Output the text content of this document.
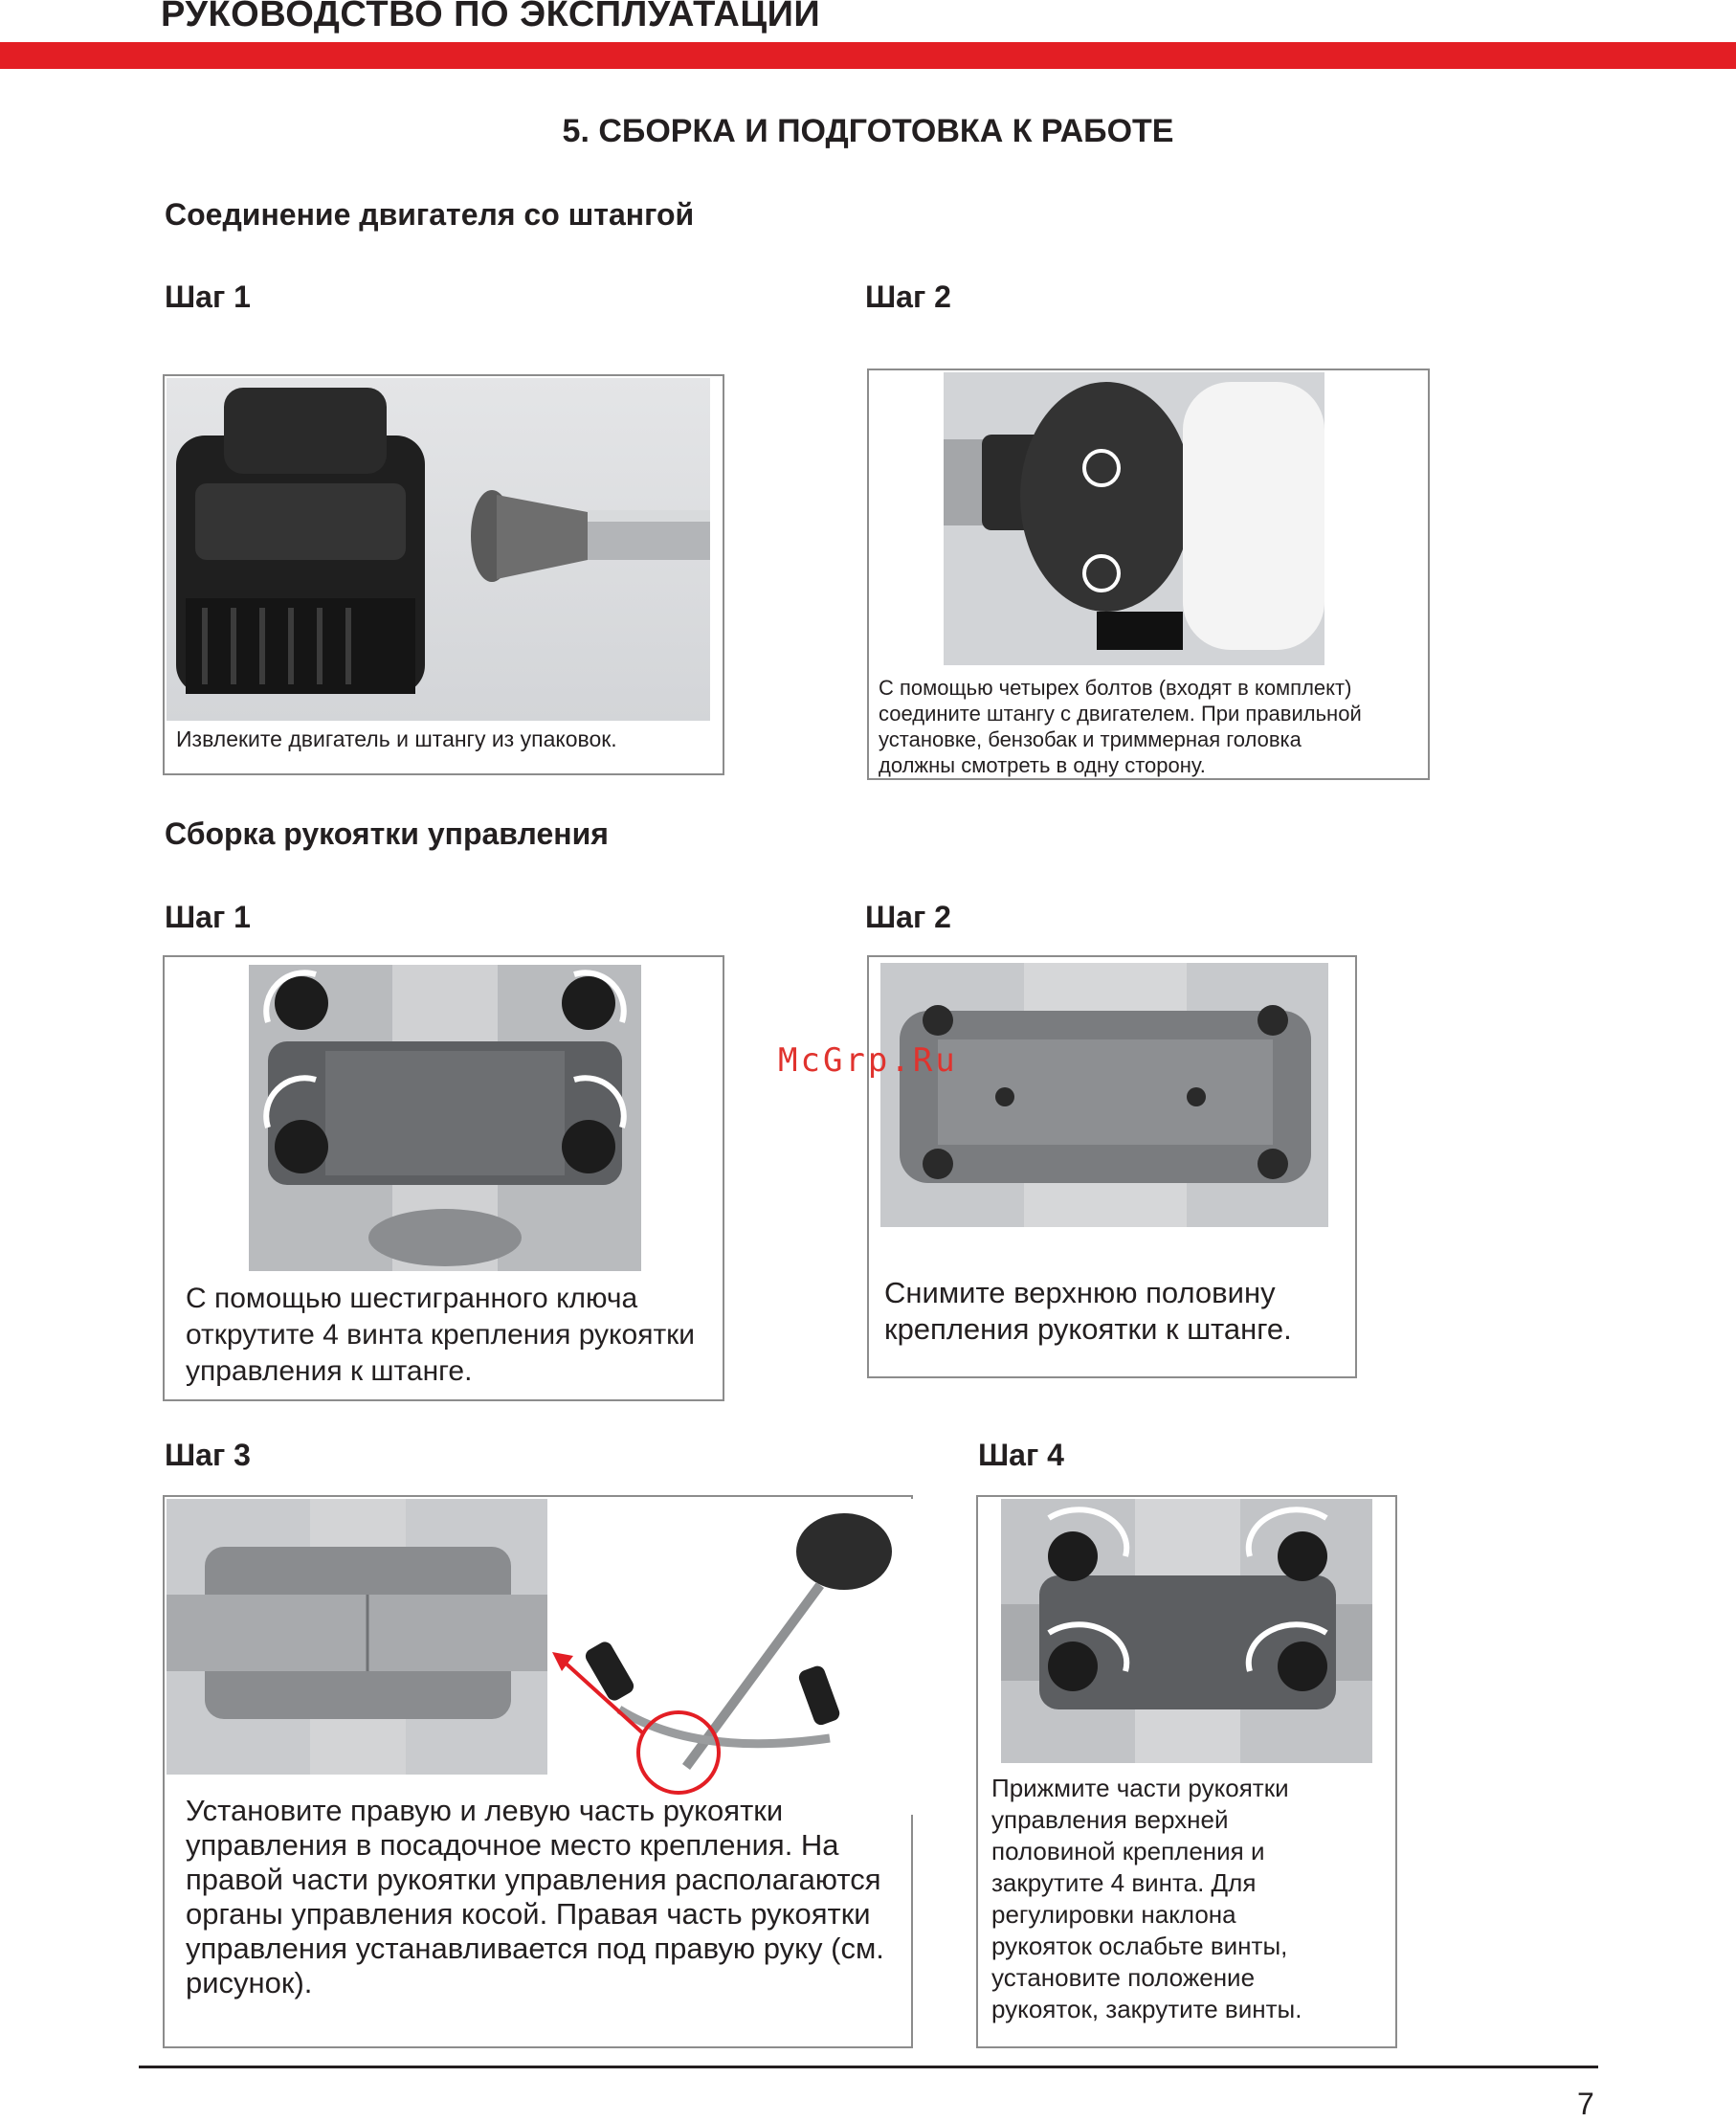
РУКОВОДСТВО ПО ЭКСПЛУАТАЦИИ
5. СБОРКА И ПОДГОТОВКА К РАБОТЕ
Соединение двигателя со штангой
Шаг 1	Шаг 2
Извлеките двигатель и штангу из упаковок.
С помощью четырех болтов (входят в комплект)
соедините штангу с двигателем. При правильной
установке, бензобак и триммерная головка
должны смотреть в одну сторону.
Сборка рукоятки управления
Шаг 1	Шаг 2
С помощью шестигранного ключа
открутите 4 винта крепления рукоятки
управления к штанге.
Снимите верхнюю половину
крепления рукоятки к штанге.
McGrp.Ru
Шаг 3	Шаг 4
Установите правую и левую часть рукоятки
управления в посадочное место крепления. На
правой части рукоятки управления располагаются
органы управления косой. Правая часть рукоятки
управления устанавливается под правую руку (см.
рисунок).
Прижмите части рукоятки
управления верхней
половиной крепления и
закрутите 4 винта. Для
регулировки наклона
рукояток ослабьте винты,
установите положение
рукояток, закрутите винты.
7
